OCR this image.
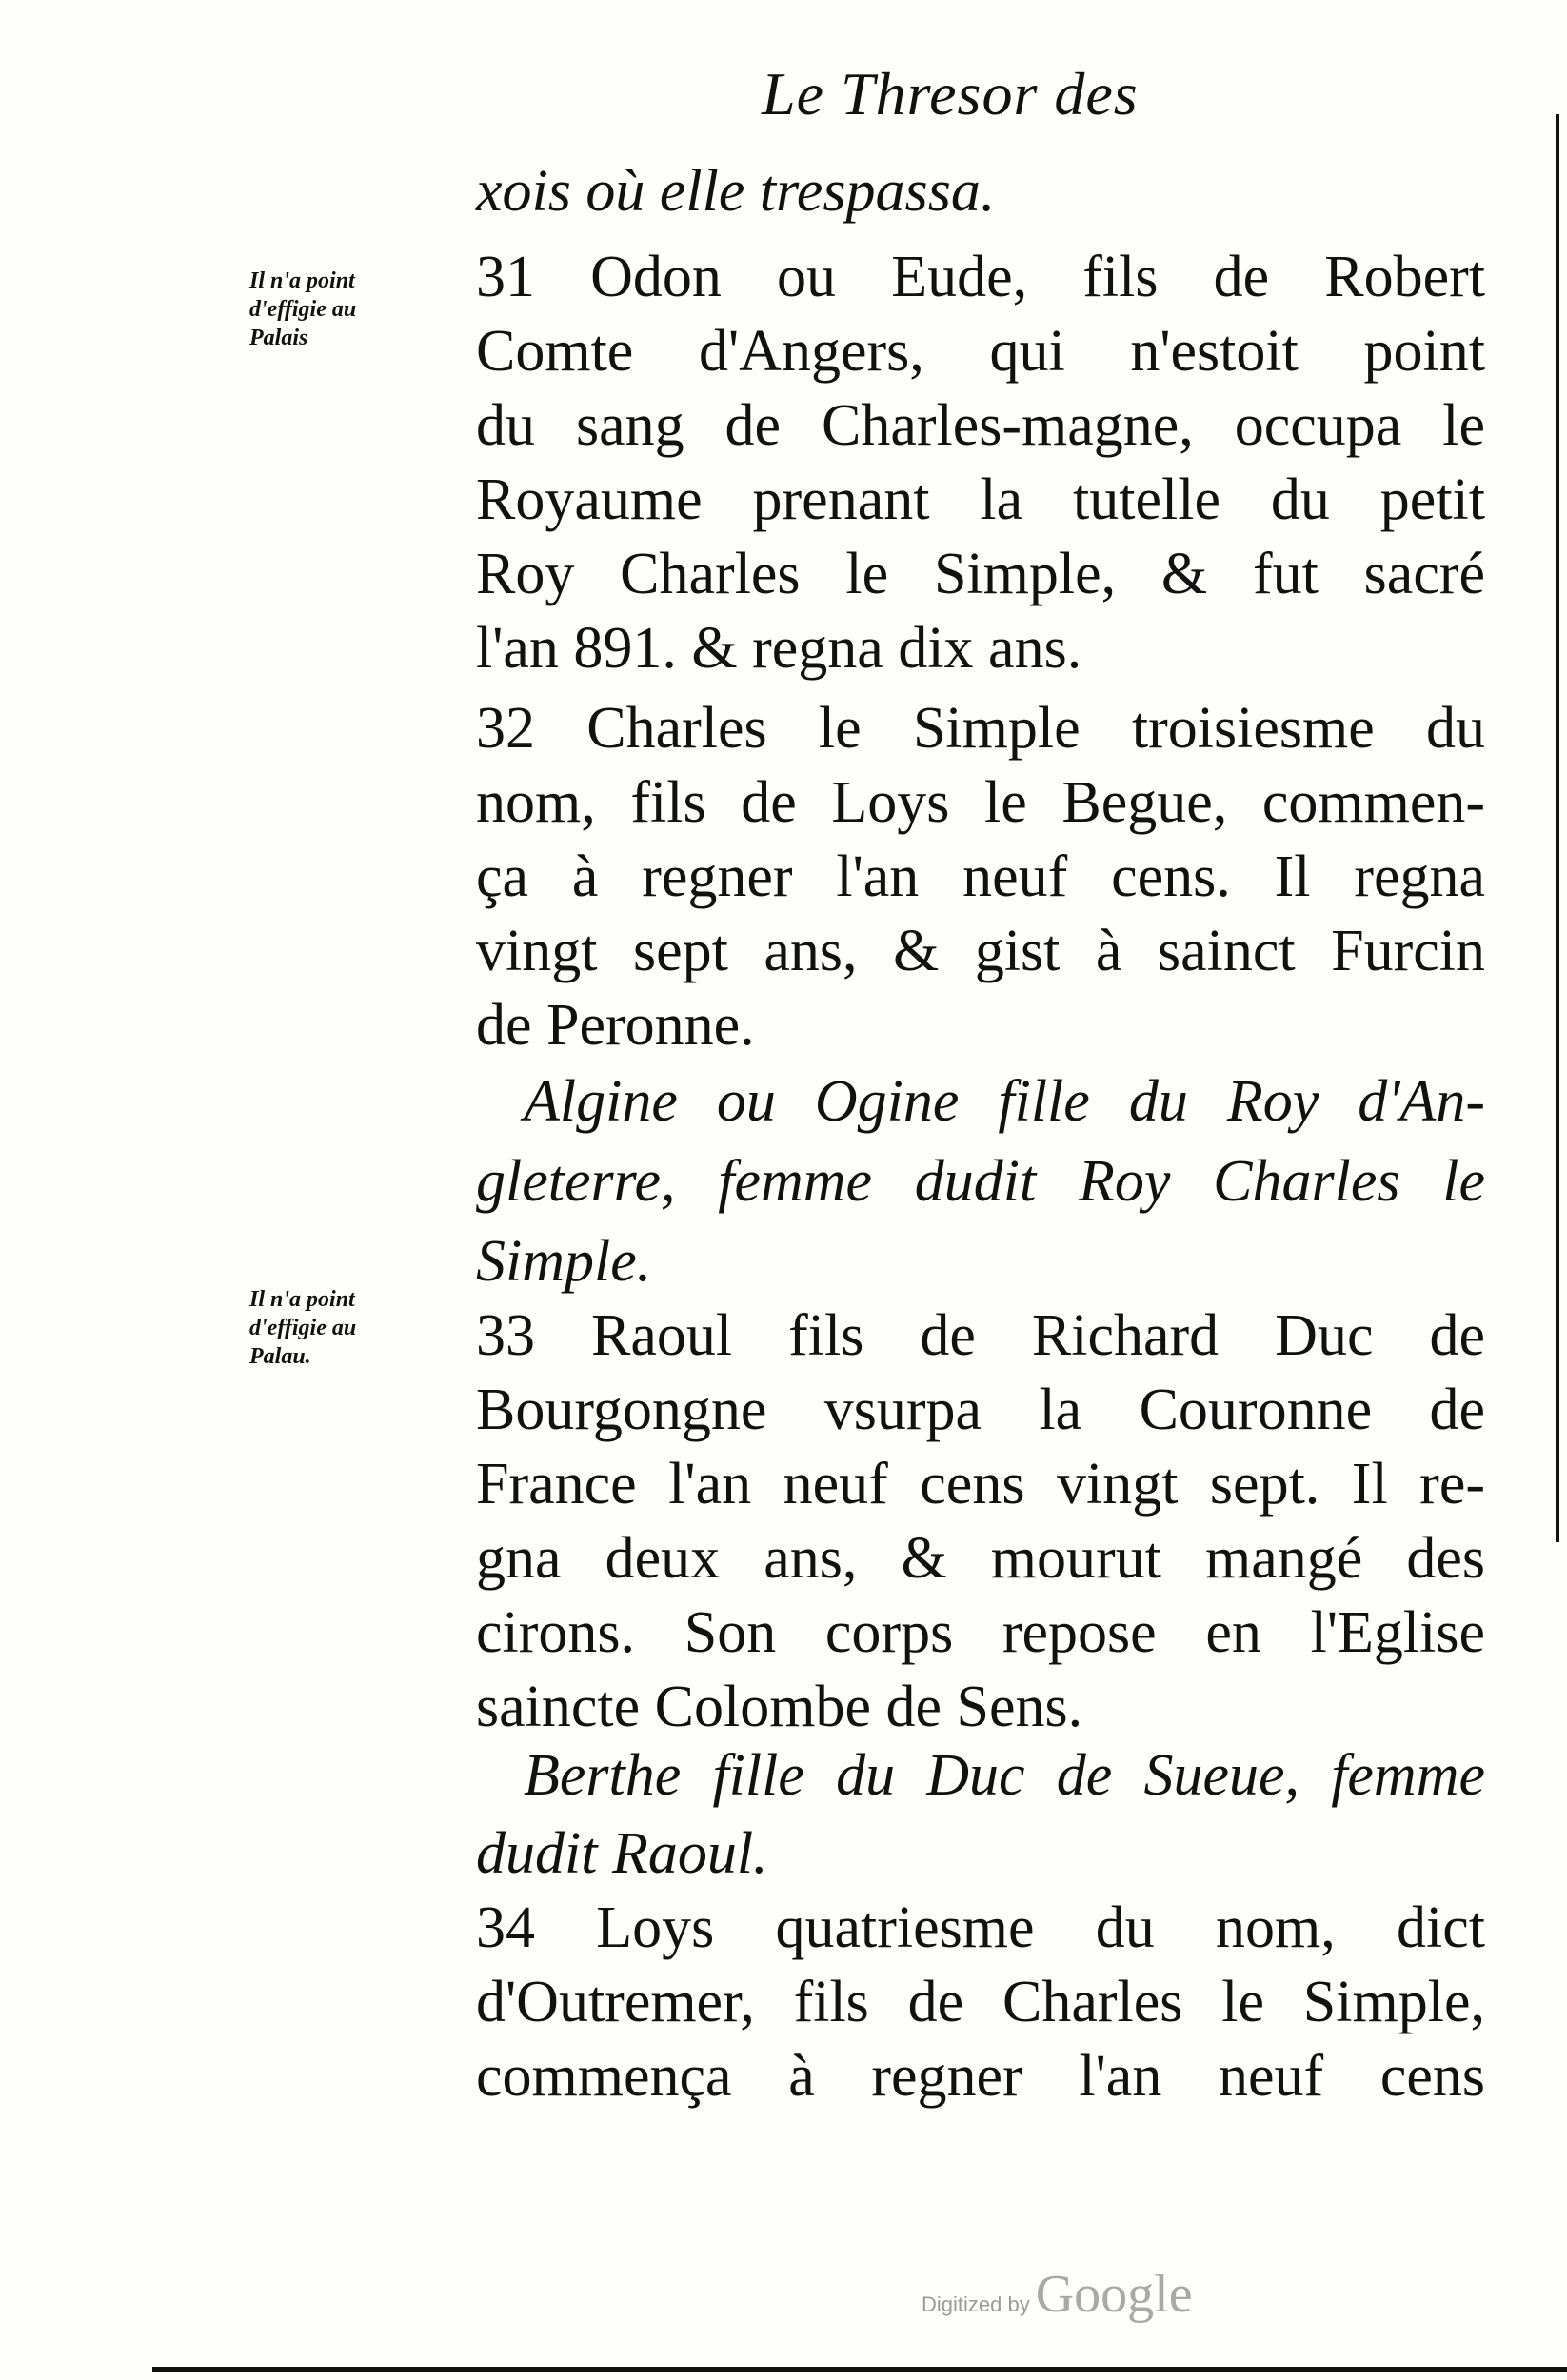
Le Thresor des
Il n'a point
d'effigie au
Palais
Il n'a point
d'effigie au
Palau.
xois où elle trespassa.
31 Odon ou Eude, fils de Robert
Comte d'Angers, qui n'estoit point
du sang de Charles-magne, occupa le
Royaume prenant la tutelle du petit
Roy Charles le Simple, & fut sacré
l'an 891. & regna dix ans.
32 Charles le Simple troisiesme du
nom, fils de Loys le Begue, commen-
ça à regner l'an neuf cens. Il regna
vingt sept ans, & gist à sainct Furcin
de Peronne.
Algine ou Ogine fille du Roy d'An-
gleterre, femme dudit Roy Charles le
Simple.
33 Raoul fils de Richard Duc de
Bourgongne vsurpa la Couronne de
France l'an neuf cens vingt sept. Il re-
gna deux ans, & mourut mangé des
cirons. Son corps repose en l'Eglise
saincte Colombe de Sens.
Berthe fille du Duc de Sueue, femme
dudit Raoul.
34 Loys quatriesme du nom, dict
d'Outremer, fils de Charles le Simple,
commença à regner l'an neuf cens
Digitized by Google
